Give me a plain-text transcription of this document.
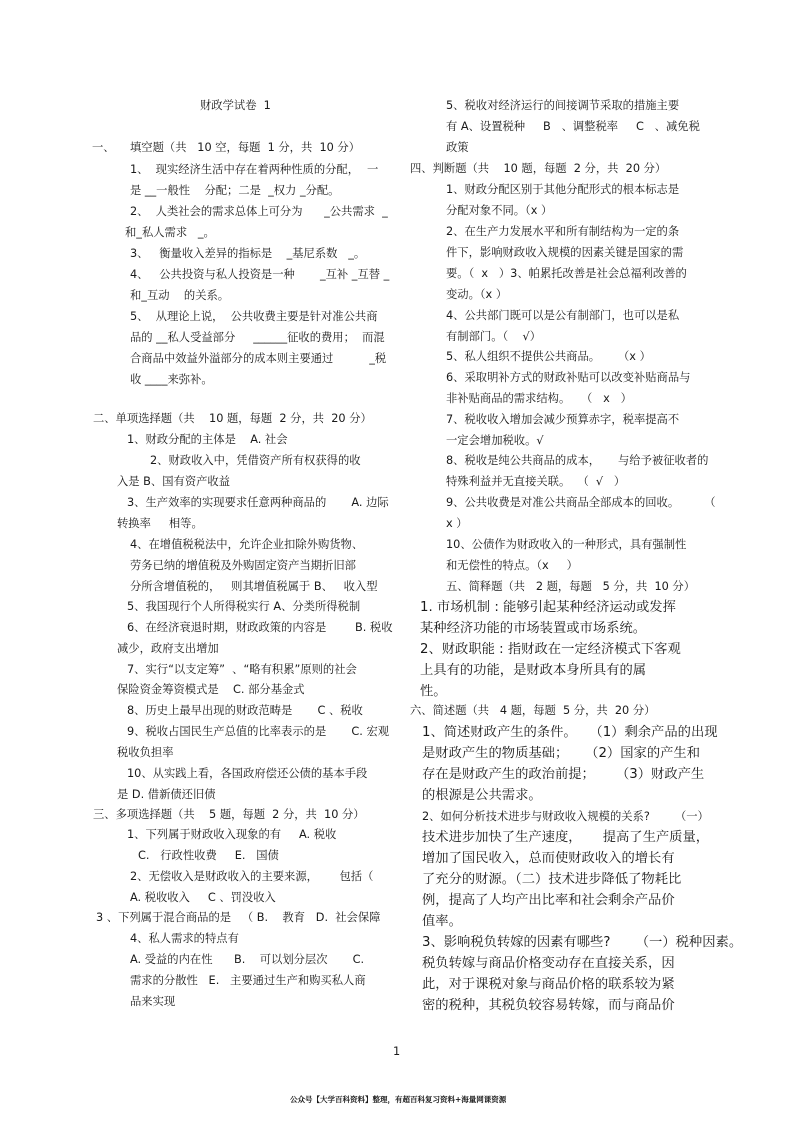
财政学试卷  1
一、 填空题（共   10 空，每题  1 分，共  10 分）
1、  现实经济生活中存在着两种性质的分配， 一
是 __一般性    分配；二是  _权力 _分配。
2、  人类社会的需求总体上可分为      _公共需求  _
和_私人需求   _。
3、   衡量收入差异的指标是    _基尼系数   _。
4、   公共投资与私人投资是一种       _互补 _互替 _
和_互动    的关系。
5、  从理论上说，  公共收费主要是针对准公共商
品的 __私人受益部分     ______征收的费用；  而混
合商品中效益外溢部分的成本则主要通过          _税
收 ____来弥补。
二、单项选择题（共    10 题，每题  2 分，共  20 分）
1、财政分配的主体是    A. 社会
2、财政收入中，凭借资产所有权获得的收
入是 B、国有资产收益
3、生产效率的实现要求任意两种商品的       A. 边际
转换率     相等。
4、在增值税税法中，允许企业扣除外购货物、
劳务已纳的增值税及外购固定资产当期折旧部
分所含增值税的，   则其增值税属于 B、   收入型
5、我国现行个人所得税实行 A、分类所得税制
6、在经济衰退时期，财政政策的内容是        B. 税收
减少，政府支出增加
7、实行“以支定筹”  、“略有积累”原则的社会
保险资金筹资模式是    C. 部分基金式
8、历史上最早出现的财政范畴是       C 、税收
9、税收占国民生产总值的比率表示的是       C. 宏观
税收负担率
10、从实践上看，各国政府偿还公债的基本手段
是 D. 借新债还旧债
三、多项选择题（共    5 题，每题  2 分，共  10 分）
1、下列属于财政收入现象的有     A. 税收
C.   行政性收费     E.   国债
2、无偿收入是财政收入的主要来源，      包括（
A. 税收收入     C 、罚没收入
3 、下列属于混合商品的是   （ B.    教育   D.  社会保障
4、私人需求的特点有
A. 受益的内在性      B.    可以划分层次       C.
需求的分散性   E.   主要通过生产和购买私人商
品来实现
5、税收对经济运行的间接调节采取的措施主要
有 A、设置税种     B   、调整税率     C   、减免税
政策
四、判断题（共    10 题，每题  2 分，共  20 分）
1、财政分配区别于其他分配形式的根本标志是
分配对象不同。（x ）
2、在生产力发展水平和所有制结构为一定的条
件下，影响财政收入规模的因素关键是国家的需
要。（  x   ）3、帕累托改善是社会总福利改善的
变动。（x ）
4、公共部门既可以是公有制部门，也可以是私
有制部门。（    √）
5、私人组织不提供公共商品。     （x ）
6、采取明补方式的财政补贴可以改变补贴商品与
非补贴商品的需求结构。   （   x   ）
7、税收收入增加会减少预算赤字，税率提高不
一定会增加税收。√
8、税收是纯公共商品的成本，     与给予被征收者的
特殊利益并无直接关联。  （  √   ）
9、公共收费是对准公共商品全部成本的回收。       （
x ）
10、公债作为财政收入的一种形式，具有强制性
和无偿性的特点。（x     ）
五、简释题（共   2 题，每题   5 分，共  10 分）
1. 市场机制 : 能够引起某种经济运动或发挥
某种经济功能的市场装置或市场系统。
2、财政职能 : 指财政在一定经济模式下客观
上具有的功能，是财政本身所具有的属
性。
六、简述题（共   4 题，每题  5 分，共  20 分）
1、简述财政产生的条件。   （1）剩余产品的出现
是财政产生的物质基础；    （2）国家的产生和
存在是财政产生的政治前提；     （3）财政产生
的根源是公共需求。
2、如何分析技术进步与财政收入规模的关系?       （一）
技术进步加快了生产速度，     提高了生产质量，
增加了国民收入，总而使财政收入的增长有
了充分的财源。（二）技术进步降低了物耗比
例，提高了人均产出比率和社会剩余产品价
值率。
3、影响税负转嫁的因素有哪些?      （一）税种因素。
税负转嫁与商品价格变动存在直接关系，因
此，对于课税对象与商品价格的联系较为紧
密的税种，其税负较容易转嫁，而与商品价
1
公众号【大学百科资料】整理，有超百科复习资料+海量网课资源
